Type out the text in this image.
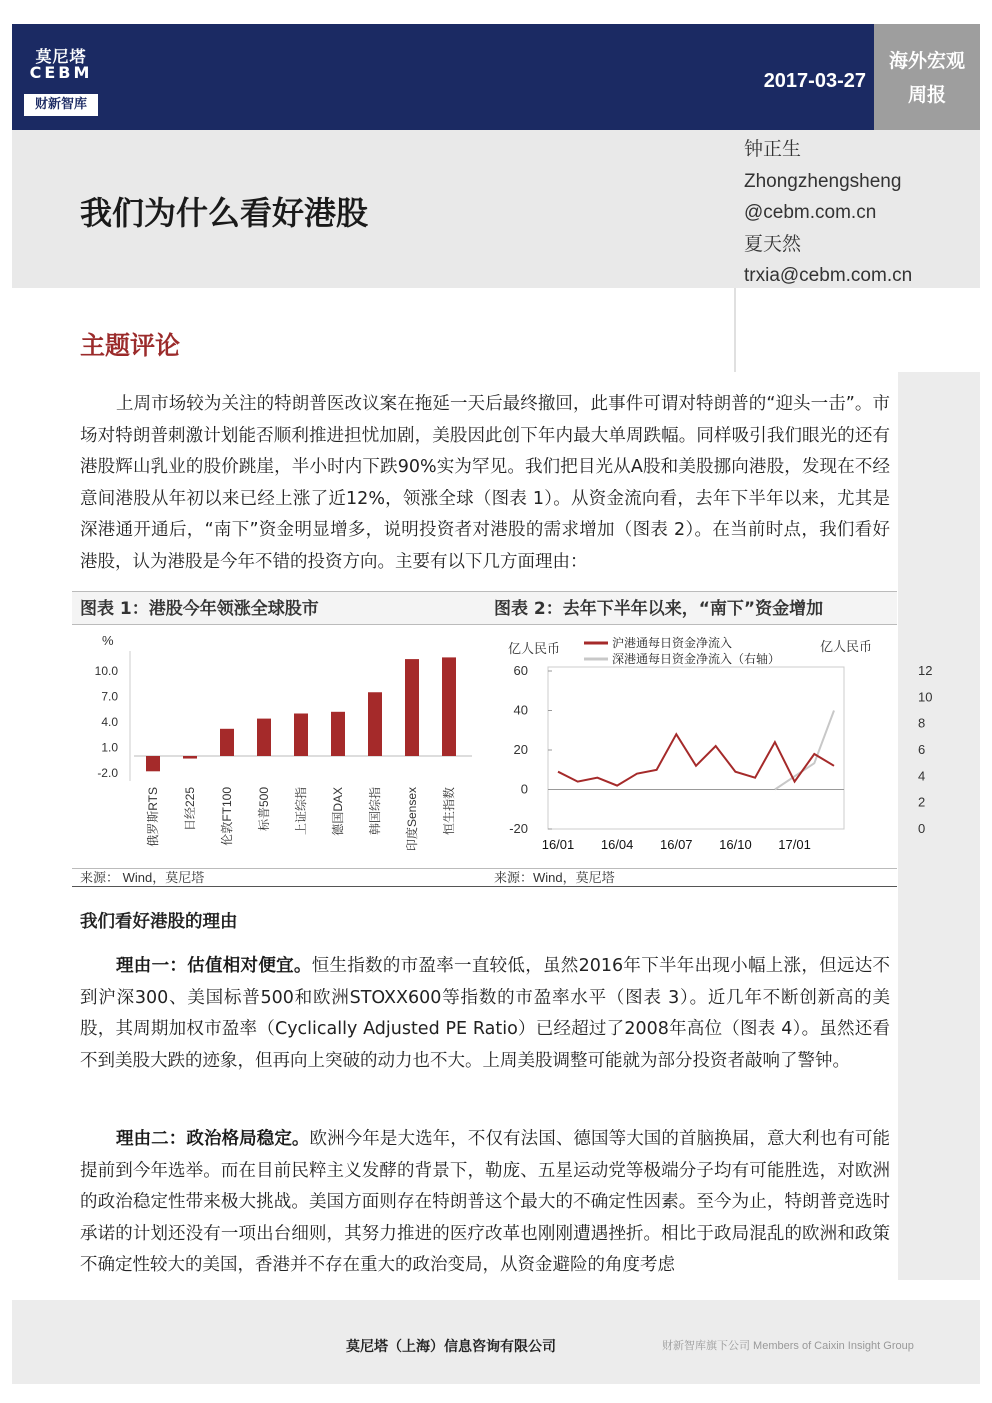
莫尼塔
CEBM
财新智库
2017-03-27
海外宏观
周报
我们为什么看好港股
钟正生
Zhongzhengsheng
@cebm.com.cn
夏天然
trxia@cebm.com.cn
主题评论
上周市场较为关注的特朗普医改议案在拖延一天后最终撤回，此事件可谓对特朗普的“迎头一击”。市场对特朗普刺激计划能否顺利推进担忧加剧，美股因此创下年内最大单周跌幅。同样吸引我们眼光的还有港股辉山乳业的股价跳崖，半小时内下跌90%实为罕见。我们把目光从A股和美股挪向港股，发现在不经意间港股从年初以来已经上涨了近12%，领涨全球（图表 1）。从资金流向看，去年下半年以来，尤其是深港通开通后，“南下”资金明显增多，说明投资者对港股的需求增加（图表 2）。在当前时点，我们看好港股，认为港股是今年不错的投资方向。主要有以下几方面理由：
图表 1：港股今年领涨全球股市	图表 2：去年下半年以来，“南下”资金增加
%
10.0
7.0
4.0
1.0
-2.0
俄罗斯RTS 日经225 伦敦FT100 标普500 上证综指 德国DAX 韩国综指 印度Sensex 恒生指数
亿人民币	亿人民币
沪港通每日资金净流入
深港通每日资金净流入（右轴）
60
40
20
0
-20
12
10
8
6
4
2
0
16/01 16/04 16/07 16/10 17/01
来源： Wind，莫尼塔	来源：Wind，莫尼塔
我们看好港股的理由
理由一：估值相对便宜。恒生指数的市盈率一直较低，虽然2016年下半年出现小幅上涨，但远达不到沪深300、美国标普500和欧洲STOXX600等指数的市盈率水平（图表 3）。近几年不断创新高的美股，其周期加权市盈率（Cyclically Adjusted PE Ratio）已经超过了2008年高位（图表 4）。虽然还看不到美股大跌的迹象，但再向上突破的动力也不大。上周美股调整可能就为部分投资者敲响了警钟。
理由二：政治格局稳定。欧洲今年是大选年，不仅有法国、德国等大国的首脑换届，意大利也有可能提前到今年选举。而在目前民粹主义发酵的背景下，勒庞、五星运动党等极端分子均有可能胜选，对欧洲的政治稳定性带来极大挑战。美国方面则存在特朗普这个最大的不确定性因素。至今为止，特朗普竞选时承诺的计划还没有一项出台细则，其努力推进的医疗改革也刚刚遭遇挫折。相比于政局混乱的欧洲和政策不确定性较大的美国，香港并不存在重大的政治变局，从资金避险的角度考虑
莫尼塔（上海）信息咨询有限公司	财新智库旗下公司 Members of Caixin Insight Group
